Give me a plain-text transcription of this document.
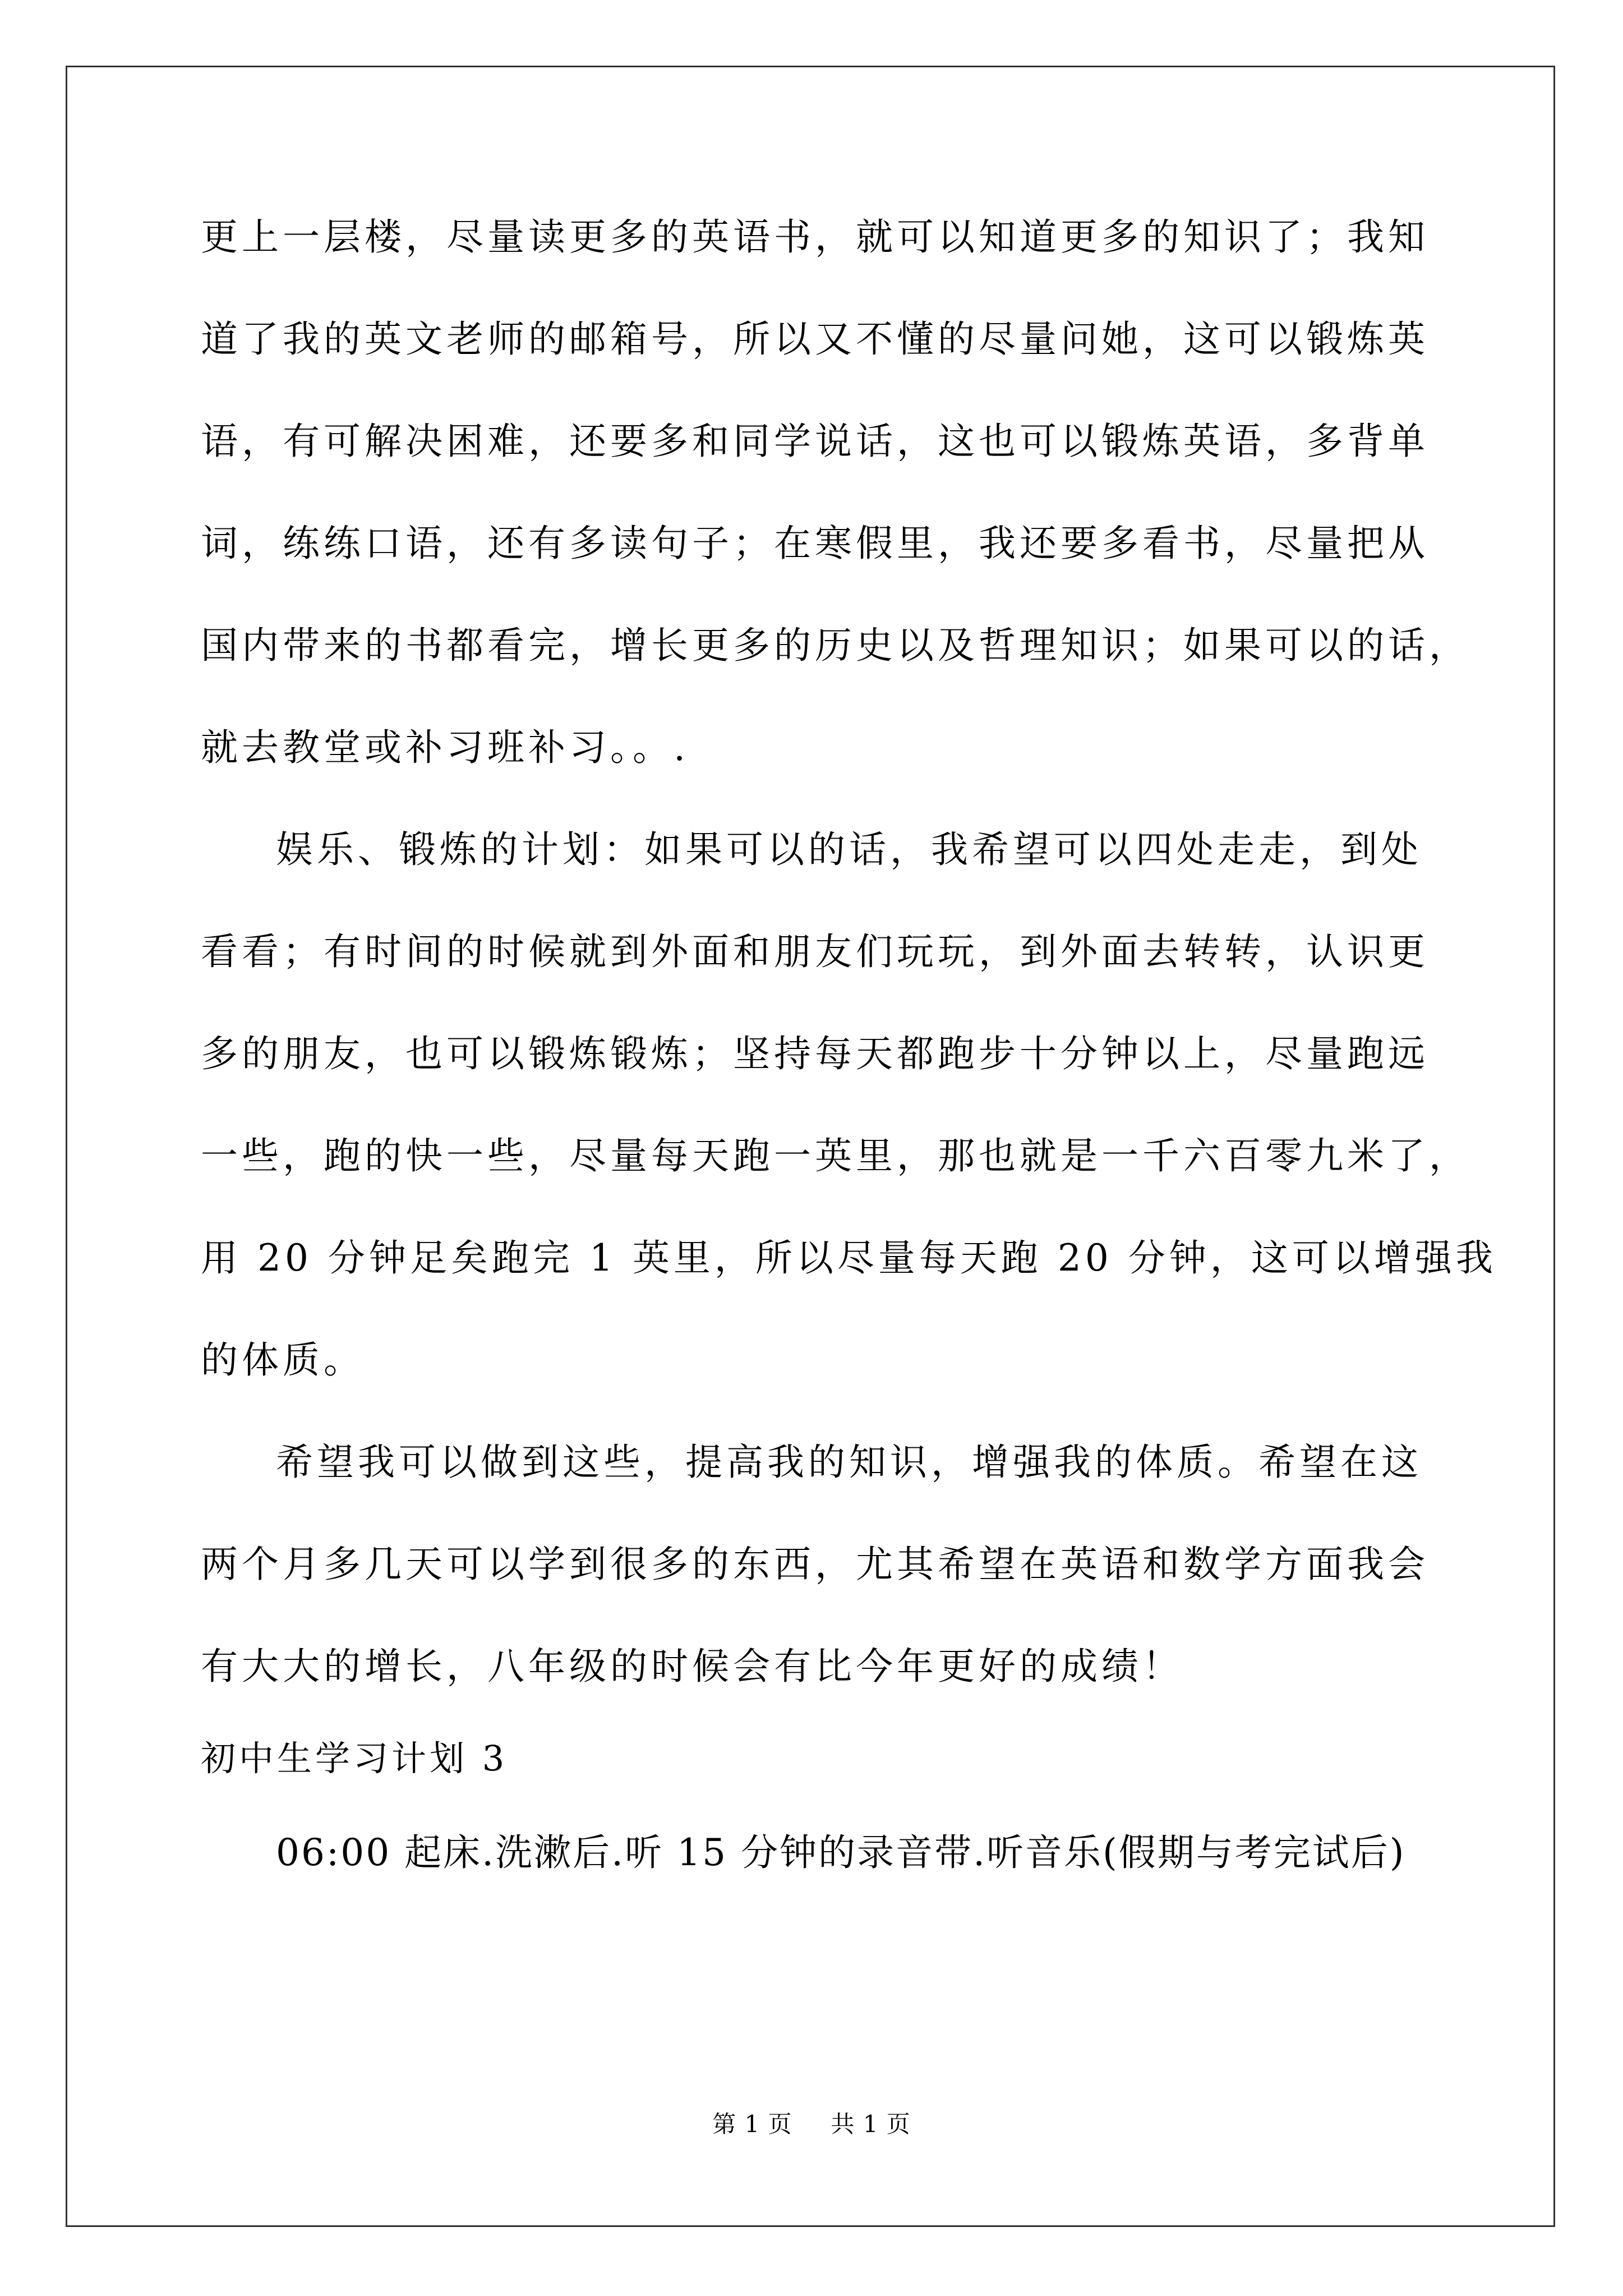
更上一层楼，尽量读更多的英语书，就可以知道更多的知识了；我知
道了我的英文老师的邮箱号，所以又不懂的尽量问她，这可以锻炼英
语，有可解决困难，还要多和同学说话，这也可以锻炼英语，多背单
词，练练口语，还有多读句子；在寒假里，我还要多看书，尽量把从
国内带来的书都看完，增长更多的历史以及哲理知识；如果可以的话，
就去教堂或补习班补习。。.
娱乐、锻炼的计划：如果可以的话，我希望可以四处走走，到处
看看；有时间的时候就到外面和朋友们玩玩，到外面去转转，认识更
多的朋友，也可以锻炼锻炼；坚持每天都跑步十分钟以上，尽量跑远
一些，跑的快一些，尽量每天跑一英里，那也就是一千六百零九米了，
用 20 分钟足矣跑完 1 英里，所以尽量每天跑 20 分钟，这可以增强我
的体质。
希望我可以做到这些，提高我的知识，增强我的体质。希望在这
两个月多几天可以学到很多的东西，尤其希望在英语和数学方面我会
有大大的增长，八年级的时候会有比今年更好的成绩！
初中生学习计划 3
06:00 起床.洗漱后.听 15 分钟的录音带.听音乐(假期与考完试后)
第 1 页 共 1 页
